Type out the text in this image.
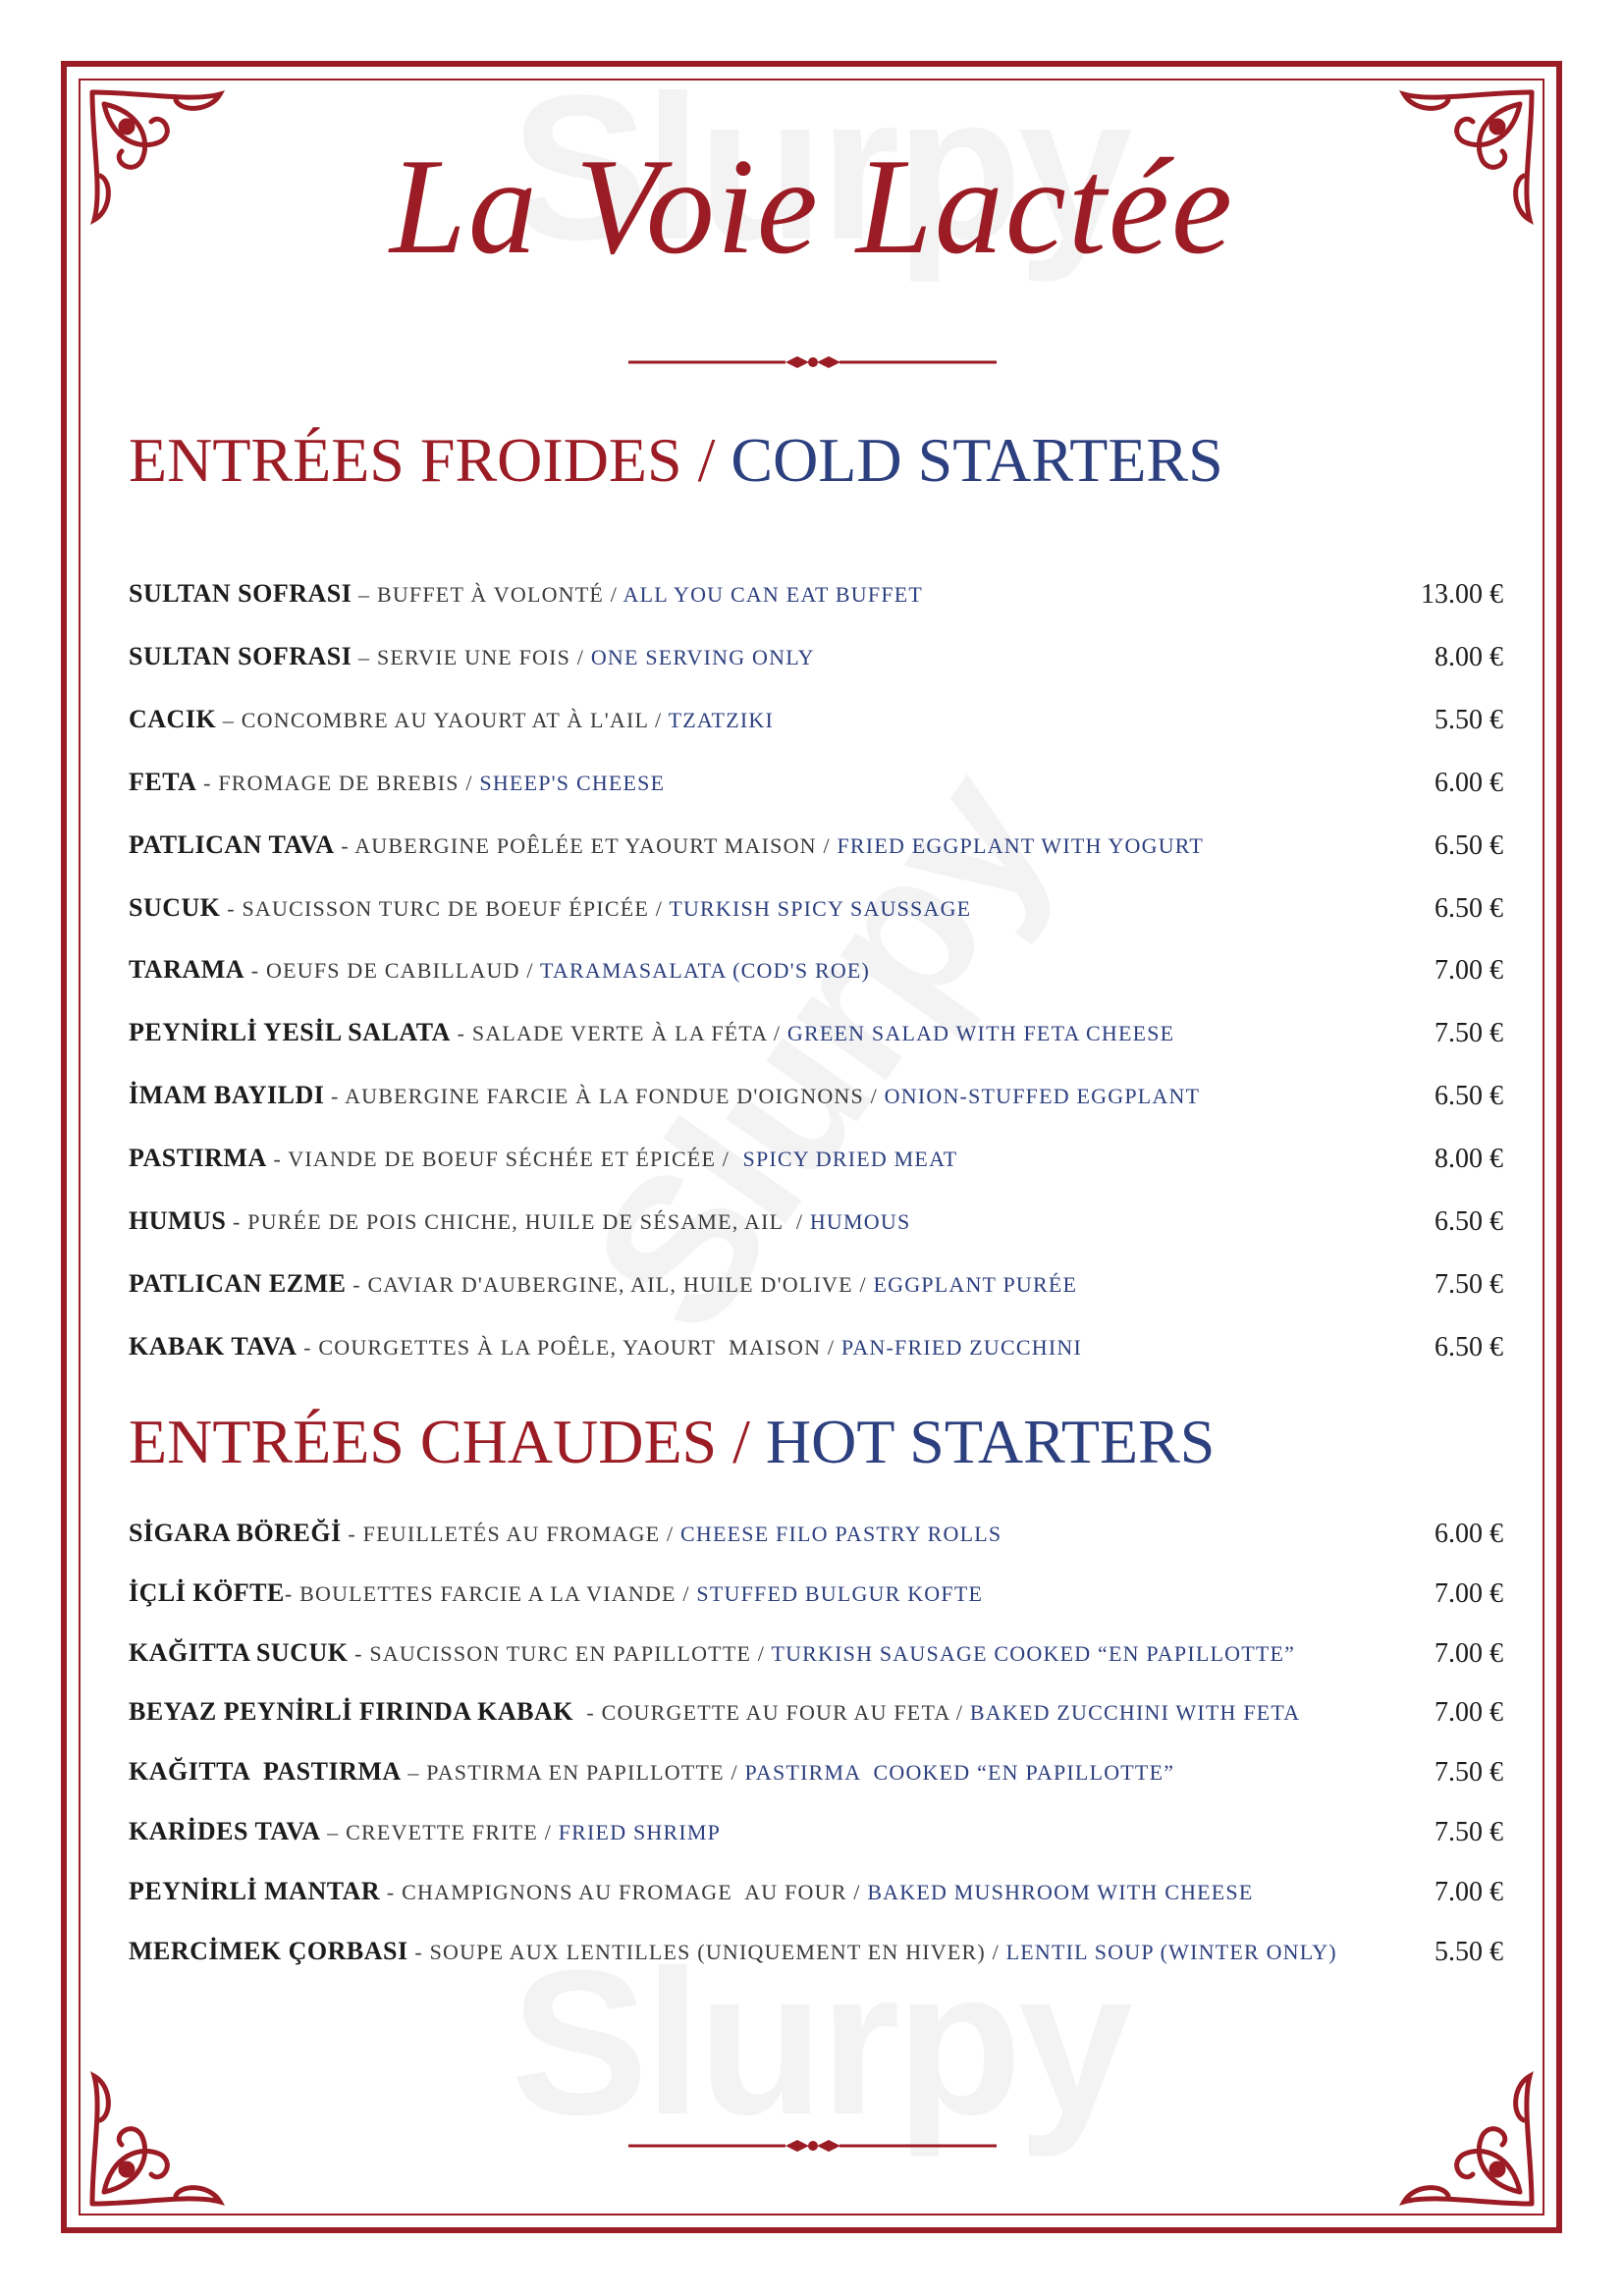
La Voie Lactée
ENTRÉES FROIDES / COLD STARTERS
SULTAN SOFRASI – BUFFET À VOLONTÉ / ALL YOU CAN EAT BUFFET	13.00 €
SULTAN SOFRASI – SERVIE UNE FOIS / ONE SERVING ONLY	8.00 €
CACIK – CONCOMBRE AU YAOURT AT À L'AIL / TZATZIKI	5.50 €
FETA - FROMAGE DE BREBIS / SHEEP'S CHEESE	6.00 €
PATLICAN TAVA - AUBERGINE POÊLÉE ET YAOURT MAISON / FRIED EGGPLANT WITH YOGURT	6.50 €
SUCUK - SAUCISSON TURC DE BOEUF ÉPICÉE / TURKISH SPICY SAUSSAGE	6.50 €
TARAMA - OEUFS DE CABILLAUD / TARAMASALATA (COD'S ROE)	7.00 €
PEYNİRLİ YESİL SALATA - SALADE VERTE À LA FÉTA / GREEN SALAD WITH FETA CHEESE	7.50 €
İMAM BAYILDI - AUBERGINE FARCIE À LA FONDUE D'OIGNONS / ONION-STUFFED EGGPLANT	6.50 €
PASTIRMA - VIANDE DE BOEUF SÉCHÉE ET ÉPICÉE /  SPICY DRIED MEAT	8.00 €
HUMUS - PURÉE DE POIS CHICHE, HUILE DE SÉSAME, AIL  / HUMOUS	6.50 €
PATLICAN EZME - CAVIAR D'AUBERGINE, AIL, HUILE D'OLIVE / EGGPLANT PURÉE	7.50 €
KABAK TAVA - COURGETTES À LA POÊLE, YAOURT  MAISON / PAN-FRIED ZUCCHINI	6.50 €
ENTRÉES CHAUDES / HOT STARTERS
SİGARA BÖREĞİ - FEUILLETÉS AU FROMAGE / CHEESE FILO PASTRY ROLLS	6.00 €
İÇLİ KÖFTE- BOULETTES FARCIE A LA VIANDE / STUFFED BULGUR KOFTE	7.00 €
KAĞITTA SUCUK - SAUCISSON TURC EN PAPILLOTTE / TURKISH SAUSAGE COOKED “EN PAPILLOTTE”	7.00 €
BEYAZ PEYNİRLİ FIRINDA KABAK  - COURGETTE AU FOUR AU FETA / BAKED ZUCCHINI WITH FETA	7.00 €
KAĞITTA  PASTIRMA – PASTIRMA EN PAPILLOTTE / PASTIRMA  COOKED “EN PAPILLOTTE”	7.50 €
KARİDES TAVA – CREVETTE FRITE / FRIED SHRIMP	7.50 €
PEYNİRLİ MANTAR - CHAMPIGNONS AU FROMAGE  AU FOUR / BAKED MUSHROOM WITH CHEESE	7.00 €
MERCİMEK ÇORBASI - SOUPE AUX LENTILLES (UNIQUEMENT EN HIVER) / LENTIL SOUP (WINTER ONLY)	5.50 €
